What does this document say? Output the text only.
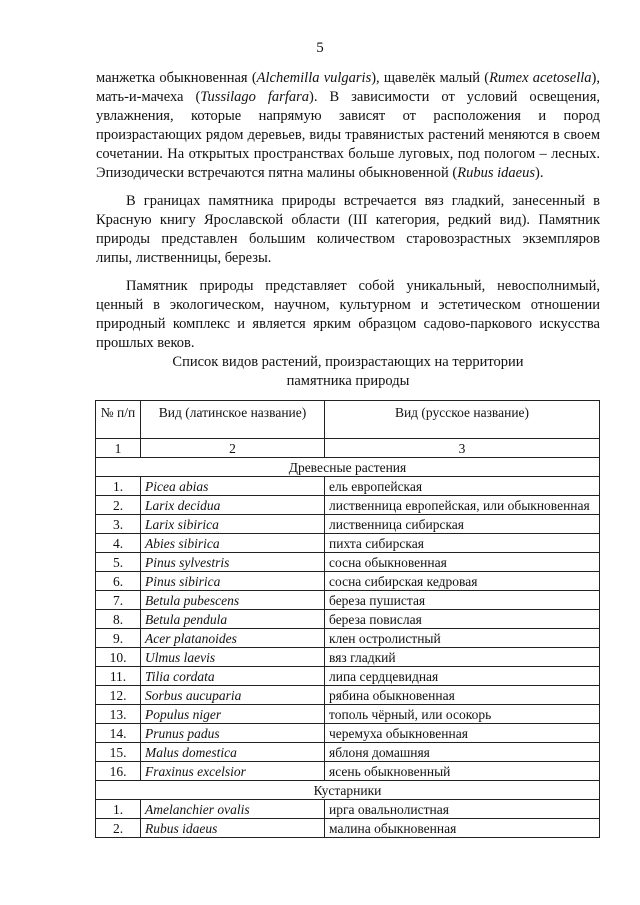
5

манжетка обыкновенная (Alchemilla vulgaris), щавелёк малый (Rumex acetosella), мать-и-мачеха (Tussilago farfara). В зависимости от условий освещения, увлажнения, которые напрямую зависят от расположения и пород произрастающих рядом деревьев, виды травянистых растений меняются в своем сочетании. На открытых пространствах больше луговых, под пологом – лесных. Эпизодически встречаются пятна малины обыкновенной (Rubus idaeus).

В границах памятника природы встречается вяз гладкий, занесенный в Красную книгу Ярославской области (III категория, редкий вид). Памятник природы представлен большим количеством старовозрастных экземпляров липы, лиственницы, березы.

Памятник природы представляет собой уникальный, невосполнимый, ценный в экологическом, научном, культурном и эстетическом отношении природный комплекс и является ярким образцом садово-паркового искусства прошлых веков.

Список видов растений, произрастающих на территории
памятника природы
№ п/п	Вид (латинское название)	Вид (русское название)
1	2	3
Древесные растения		
1.	Picea abias	ель европейская
2.	Larix decidua	лиственница европейская, или обыкновенная
3.	Larix sibirica	лиственница сибирская
4.	Abies sibirica	пихта сибирская
5.	Pinus sylvestris	сосна обыкновенная
6.	Pinus sibirica	сосна сибирская кедровая
7.	Betula pubescens	береза пушистая
8.	Betula pendula	береза повислая
9.	Acer platanoides	клен остролистный
10.	Ulmus laevis	вяз гладкий
11.	Tilia cordata	липа сердцевидная
12.	Sorbus aucuparia	рябина обыкновенная
13.	Populus niger	тополь чёрный, или осокорь
14.	Prunus padus	черемуха обыкновенная
15.	Malus domestica	яблоня домашняя
16.	Fraxinus excelsior	ясень обыкновенный
Кустарники		
1.	Amelanchier ovalis	ирга овальнолистная
2.	Rubus idaeus	малина обыкновенная
